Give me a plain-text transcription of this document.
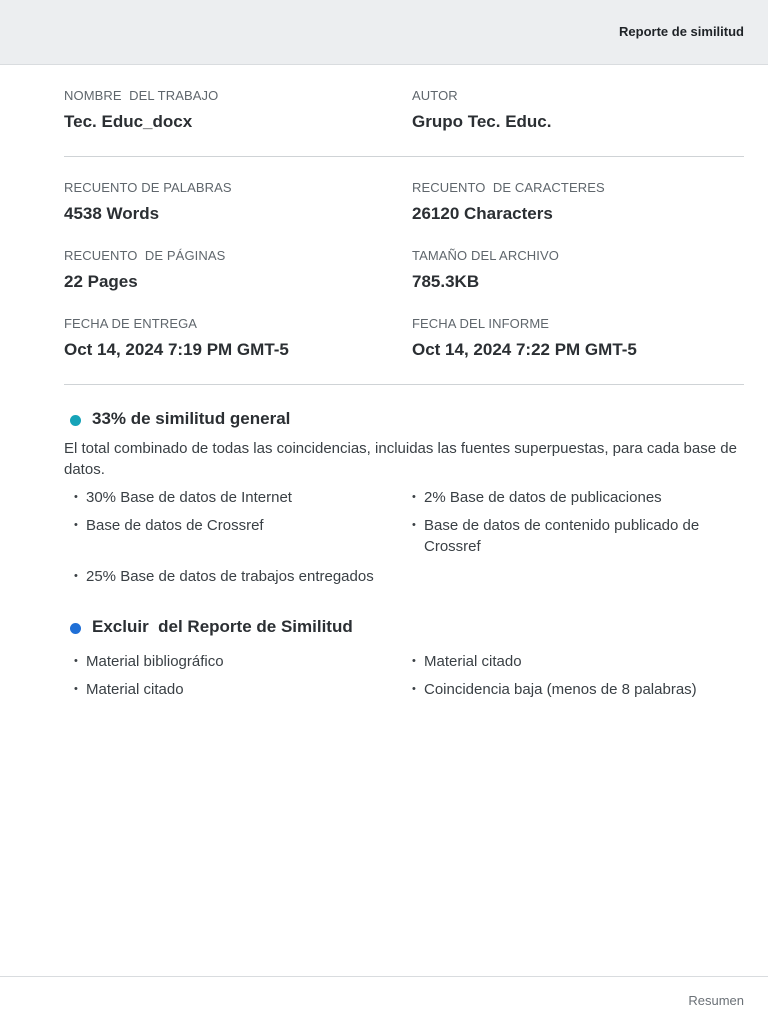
Reporte de similitud
NOMBRE  DEL TRABAJO
Tec. Educ_docx
AUTOR
Grupo Tec. Educ.
RECUENTO DE PALABRAS
4538 Words
RECUENTO  DE CARACTERES
26120 Characters
RECUENTO  DE PÁGINAS
22 Pages
TAMAÑO DEL ARCHIVO
785.3KB
FECHA DE ENTREGA
Oct 14, 2024 7:19 PM GMT-5
FECHA DEL INFORME
Oct 14, 2024 7:22 PM GMT-5
33% de similitud general
El total combinado de todas las coincidencias, incluidas las fuentes superpuestas, para cada base de datos.
• 30% Base de datos de Internet	• 2% Base de datos de publicaciones
• Base de datos de Crossref	• Base de datos de contenido publicado de Crossref
• 25% Base de datos de trabajos entregados
Excluir  del Reporte de Similitud
• Material bibliográfico	• Material citado
• Material citado	• Coincidencia baja (menos de 8 palabras)
Resumen
